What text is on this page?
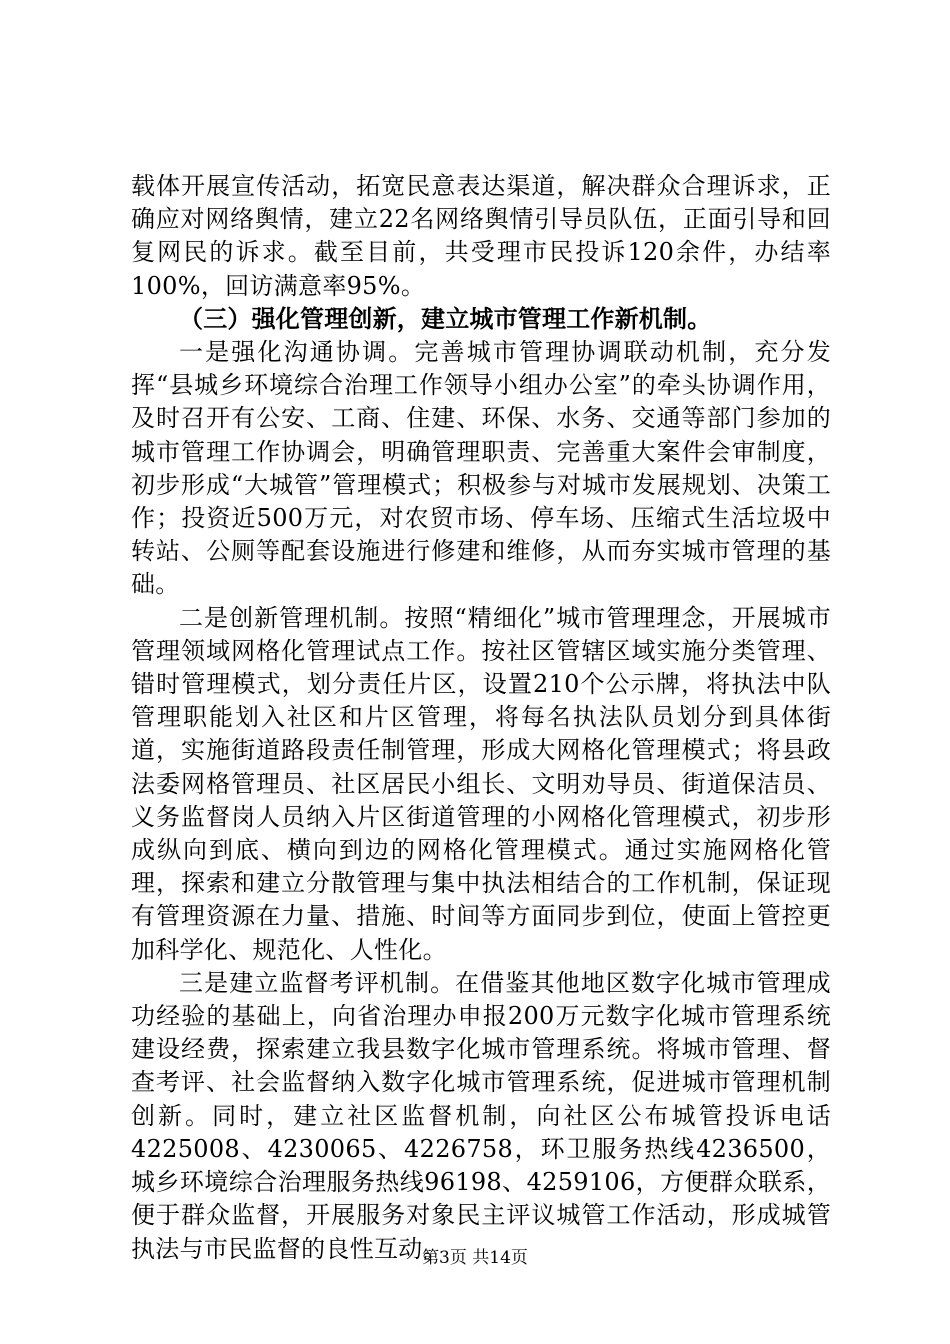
载体开展宣传活动，拓宽民意表达渠道，解决群众合理诉求，正确应对网络舆情，建立22名网络舆情引导员队伍，正面引导和回复网民的诉求。截至目前，共受理市民投诉120余件，办结率100%，回访满意率95%。

（三）强化管理创新，建立城市管理工作新机制。

一是强化沟通协调。完善城市管理协调联动机制，充分发挥“县城乡环境综合治理工作领导小组办公室”的牵头协调作用，及时召开有公安、工商、住建、环保、水务、交通等部门参加的城市管理工作协调会，明确管理职责、完善重大案件会审制度，初步形成“大城管”管理模式；积极参与对城市发展规划、决策工作；投资近500万元，对农贸市场、停车场、压缩式生活垃圾中转站、公厕等配套设施进行修建和维修，从而夯实城市管理的基础。

二是创新管理机制。按照“精细化”城市管理理念，开展城市管理领域网格化管理试点工作。按社区管辖区域实施分类管理、错时管理模式，划分责任片区，设置210个公示牌，将执法中队管理职能划入社区和片区管理，将每名执法队员划分到具体街道，实施街道路段责任制管理，形成大网格化管理模式；将县政法委网格管理员、社区居民小组长、文明劝导员、街道保洁员、义务监督岗人员纳入片区街道管理的小网格化管理模式，初步形成纵向到底、横向到边的网格化管理模式。通过实施网格化管理，探索和建立分散管理与集中执法相结合的工作机制，保证现有管理资源在力量、措施、时间等方面同步到位，使面上管控更加科学化、规范化、人性化。

三是建立监督考评机制。在借鉴其他地区数字化城市管理成功经验的基础上，向省治理办申报200万元数字化城市管理系统建设经费，探索建立我县数字化城市管理系统。将城市管理、督查考评、社会监督纳入数字化城市管理系统，促进城市管理机制创新。同时，建立社区监督机制，向社区公布城管投诉电话4225008、4230065、4226758，环卫服务热线4236500，城乡环境综合治理服务热线96198、4259106，方便群众联系，便于群众监督，开展服务对象民主评议城管工作活动，形成城管执法与市民监督的良性互动。

第3页 共14页
